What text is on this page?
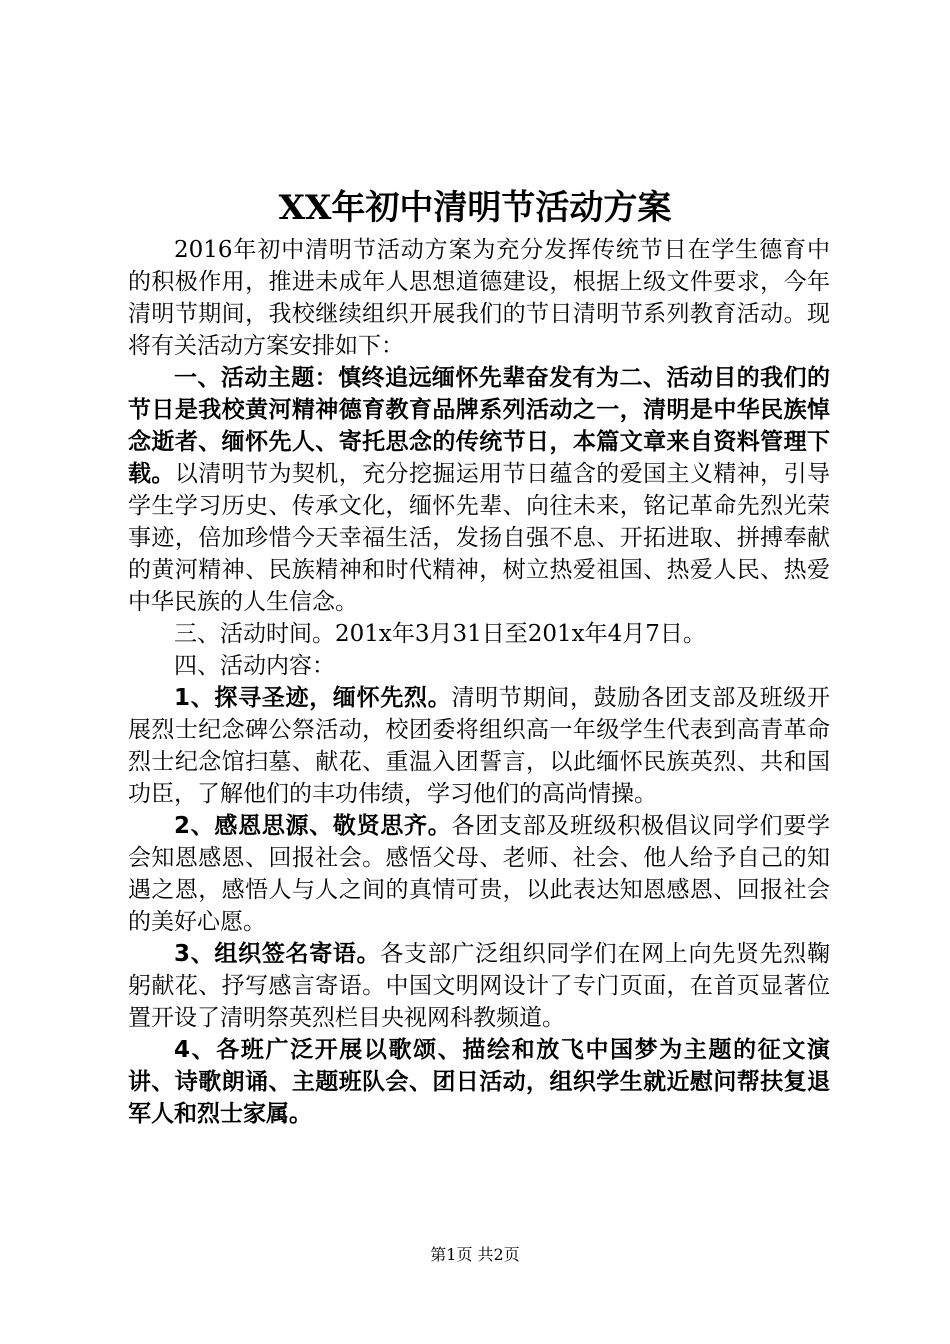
XX年初中清明节活动方案

2016年初中清明节活动方案为充分发挥传统节日在学生德育中的积极作用，推进未成年人思想道德建设，根据上级文件要求，今年清明节期间，我校继续组织开展我们的节日清明节系列教育活动。现将有关活动方案安排如下：

一、活动主题：慎终追远缅怀先辈奋发有为二、活动目的我们的节日是我校黄河精神德育教育品牌系列活动之一，清明是中华民族悼念逝者、缅怀先人、寄托思念的传统节日，本篇文章来自资料管理下载。以清明节为契机，充分挖掘运用节日蕴含的爱国主义精神，引导学生学习历史、传承文化，缅怀先辈、向往未来，铭记革命先烈光荣事迹，倍加珍惜今天幸福生活，发扬自强不息、开拓进取、拼搏奉献的黄河精神、民族精神和时代精神，树立热爱祖国、热爱人民、热爱中华民族的人生信念。

三、活动时间。201x年3月31日至201x年4月7日。

四、活动内容：

1、探寻圣迹，缅怀先烈。清明节期间，鼓励各团支部及班级开展烈士纪念碑公祭活动，校团委将组织高一年级学生代表到高青革命烈士纪念馆扫墓、献花、重温入团誓言，以此缅怀民族英烈、共和国功臣，了解他们的丰功伟绩，学习他们的高尚情操。

2、感恩思源、敬贤思齐。各团支部及班级积极倡议同学们要学会知恩感恩、回报社会。感悟父母、老师、社会、他人给予自己的知遇之恩，感悟人与人之间的真情可贵，以此表达知恩感恩、回报社会的美好心愿。

3、组织签名寄语。各支部广泛组织同学们在网上向先贤先烈鞠躬献花、抒写感言寄语。中国文明网设计了专门页面，在首页显著位置开设了清明祭英烈栏目央视网科教频道。

4、各班广泛开展以歌颂、描绘和放飞中国梦为主题的征文演讲、诗歌朗诵、主题班队会、团日活动，组织学生就近慰问帮扶复退军人和烈士家属。

第1页 共2页
